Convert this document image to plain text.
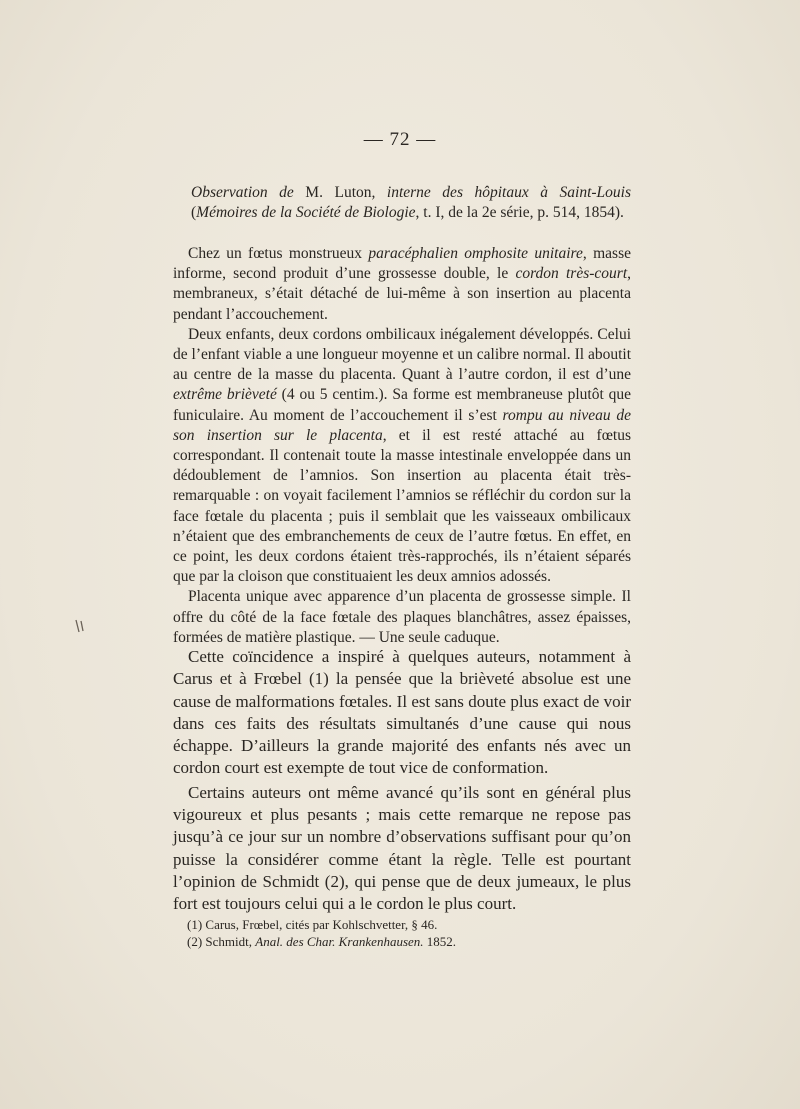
— 72 —
Observation de M. Luton, interne des hôpitaux à Saint-Louis (Mémoires de la Société de Biologie, t. I, de la 2e série, p. 514, 1854).

Chez un fœtus monstrueux paracéphalien omphosite unitaire, masse informe, second produit d’une grossesse double, le cordon très-court, membraneux, s’était détaché de lui-même à son insertion au placenta pendant l’accouchement.

Deux enfants, deux cordons ombilicaux inégalement développés. Celui de l’enfant viable a une longueur moyenne et un calibre normal. Il aboutit au centre de la masse du placenta. Quant à l’autre cordon, il est d’une extrême brièveté (4 ou 5 centim.). Sa forme est membraneuse plutôt que funiculaire. Au moment de l’accouchement il s’est rompu au niveau de son insertion sur le placenta, et il est resté attaché au fœtus correspondant. Il contenait toute la masse intestinale enveloppée dans un dédoublement de l’amnios. Son insertion au placenta était très-remarquable : on voyait facilement l’amnios se réfléchir du cordon sur la face fœtale du placenta ; puis il semblait que les vaisseaux ombilicaux n’étaient que des embranchements de ceux de l’autre fœtus. En effet, en ce point, les deux cordons étaient très-rapprochés, ils n’étaient séparés que par la cloison que constituaient les deux amnios adossés.

Placenta unique avec apparence d’un placenta de grossesse simple. Il offre du côté de la face fœtale des plaques blanchâtres, assez épaisses, formées de matière plastique. — Une seule caduque.

Cette coïncidence a inspiré à quelques auteurs, notamment à Carus et à Frœbel (1) la pensée que la brièveté absolue est une cause de malformations fœtales. Il est sans doute plus exact de voir dans ces faits des résultats simultanés d’une cause qui nous échappe. D’ailleurs la grande majorité des enfants nés avec un cordon court est exempte de tout vice de conformation.

Certains auteurs ont même avancé qu’ils sont en général plus vigoureux et plus pesants ; mais cette remarque ne repose pas jusqu’à ce jour sur un nombre d’observations suffisant pour qu’on puisse la considérer comme étant la règle. Telle est pourtant l’opinion de Schmidt (2), qui pense que de deux jumeaux, le plus fort est toujours celui qui a le cordon le plus court.

(1) Carus, Frœbel, cités par Kohlschvetter, § 46.
(2) Schmidt, Anal. des Char. Krankenhausen. 1852.
